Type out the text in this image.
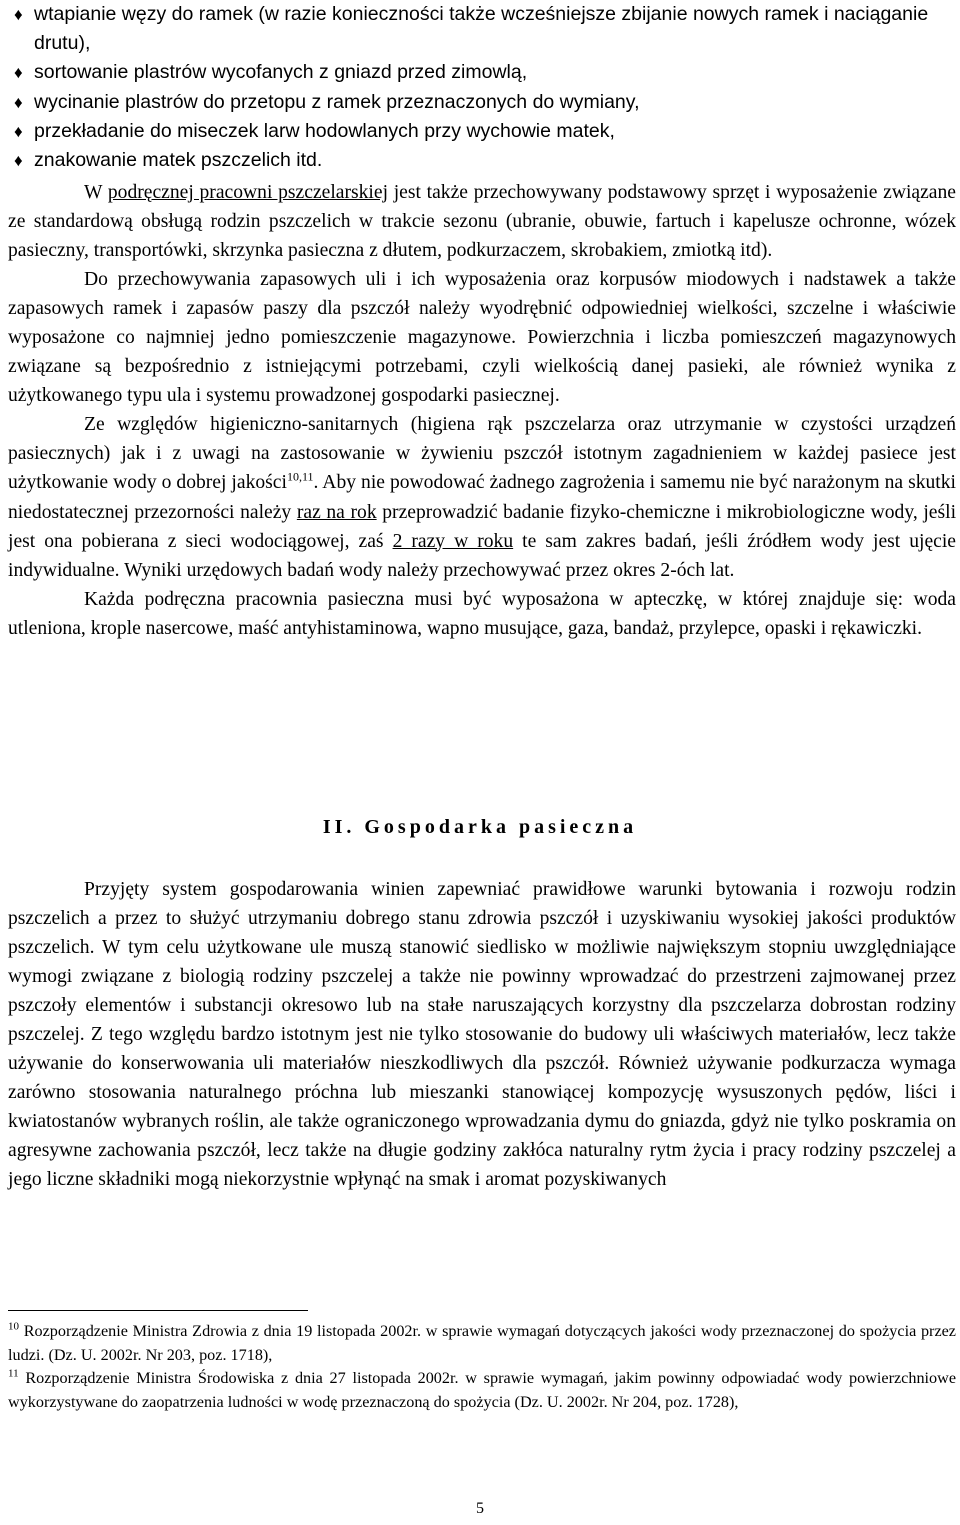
♦ wtapianie węzy do ramek (w razie konieczności także wcześniejsze zbijanie nowych ramek i naciąganie drutu),
♦ sortowanie plastrów wycofanych z gniazd przed zimowlą,
♦ wycinanie plastrów do przetopu z ramek przeznaczonych do wymiany,
♦ przekładanie do miseczek larw hodowlanych przy wychowie matek,
♦ znakowanie matek pszczelich itd.

W podręcznej pracowni pszczelarskiej jest także przechowywany podstawowy sprzęt i wyposażenie związane ze standardową obsługą rodzin pszczelich w trakcie sezonu (ubranie, obuwie, fartuch i kapelusze ochronne, wózek pasieczny, transportówki, skrzynka pasieczna z dłutem, podkurzaczem, skrobakiem, zmiotką itd).

Do przechowywania zapasowych uli i ich wyposażenia oraz korpusów miodowych i nadstawek a także zapasowych ramek i zapasów paszy dla pszczół należy wyodrębnić odpowiedniej wielkości, szczelne i właściwie wyposażone co najmniej jedno pomieszczenie magazynowe. Powierzchnia i liczba pomieszczeń magazynowych związane są bezpośrednio z istniejącymi potrzebami, czyli wielkością danej pasieki, ale również wynika z użytkowanego typu ula i systemu prowadzonej gospodarki pasiecznej.

Ze względów higieniczno-sanitarnych (higiena rąk pszczelarza oraz utrzymanie w czystości urządzeń pasiecznych) jak i z uwagi na zastosowanie w żywieniu pszczół istotnym zagadnieniem w każdej pasiece jest użytkowanie wody o dobrej jakości$^{10,11}$. Aby nie powodować żadnego zagrożenia i samemu nie być narażonym na skutki niedostatecznej przezorności należy raz na rok przeprowadzić badanie fizyko-chemiczne i mikrobiologiczne wody, jeśli jest ona pobierana z sieci wodociągowej, zaś 2 razy w roku te sam zakres badań, jeśli źródłem wody jest ujęcie indywidualne. Wyniki urzędowych badań wody należy przechowywać przez okres 2-óch lat.

Każda podręczna pracownia pasieczna musi być wyposażona w apteczkę, w której znajduje się: woda utleniona, krople nasercowe, maść antyhistaminowa, wapno musujące, gaza, bandaż, przylepce, opaski i rękawiczki.

II. Gospodarka pasieczna

Przyjęty system gospodarowania winien zapewniać prawidłowe warunki bytowania i rozwoju rodzin pszczelich a przez to służyć utrzymaniu dobrego stanu zdrowia pszczół i uzyskiwaniu wysokiej jakości produktów pszczelich. W tym celu użytkowane ule muszą stanowić siedlisko w możliwie największym stopniu uwzględniające wymogi związane z biologią rodziny pszczelej a także nie powinny wprowadzać do przestrzeni zajmowanej przez pszczoły elementów i substancji okresowo lub na stałe naruszających korzystny dla pszczelarza dobrostan rodziny pszczelej. Z tego względu bardzo istotnym jest nie tylko stosowanie do budowy uli właściwych materiałów, lecz także używanie do konserwowania uli materiałów nieszkodliwych dla pszczół. Również używanie podkurzacza wymaga zarówno stosowania naturalnego próchna lub mieszanki stanowiącej kompozycję wysuszonych pędów, liści i kwiatostanów wybranych roślin, ale także ograniczonego wprowadzania dymu do gniazda, gdyż nie tylko poskramia on agresywne zachowania pszczół, lecz także na długie godziny zakłóca naturalny rytm życia i pracy rodziny pszczelej a jego liczne składniki mogą niekorzystnie wpłynąć na smak i aromat pozyskiwanych

$^{10}$ Rozporządzenie Ministra Zdrowia z dnia 19 listopada 2002r. w sprawie wymagań dotyczących jakości wody przeznaczonej do spożycia przez ludzi. (Dz. U. 2002r. Nr 203, poz. 1718),

$^{11}$ Rozporządzenie Ministra Środowiska z dnia 27 listopada 2002r. w sprawie wymagań, jakim powinny odpowiadać wody powierzchniowe wykorzystywane do zaopatrzenia ludności w wodę przeznaczoną do spożycia (Dz. U. 2002r. Nr 204, poz. 1728),

5
